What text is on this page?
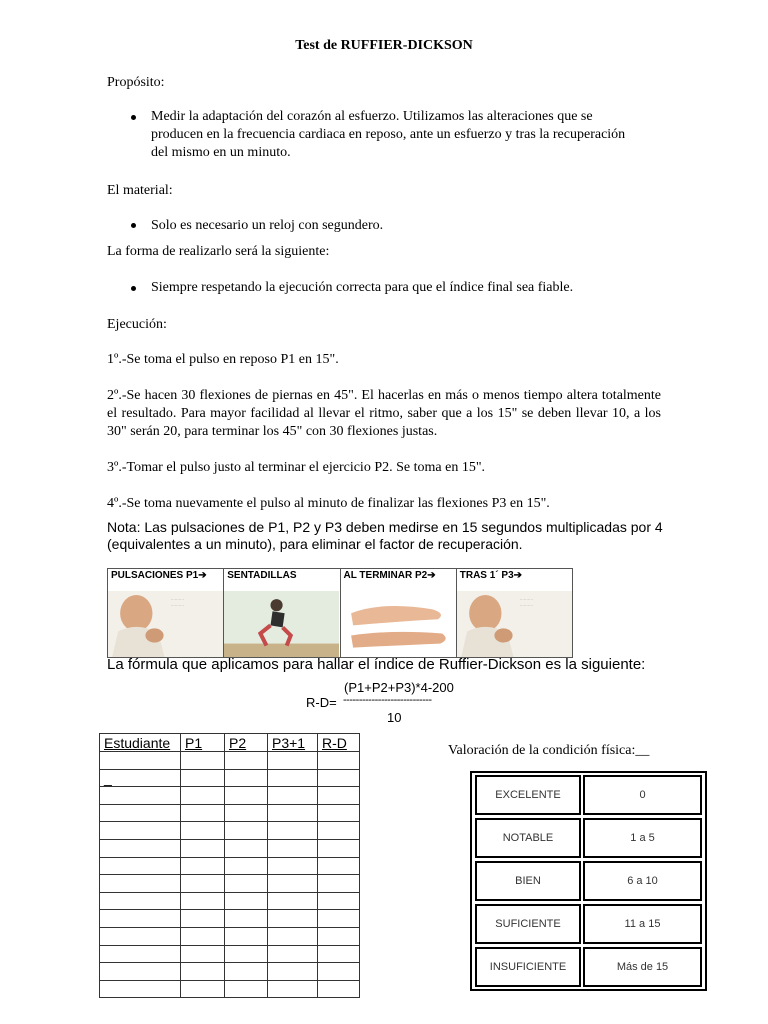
Test de RUFFIER-DICKSON
Propósito:
Medir la adaptación del corazón al esfuerzo. Utilizamos las alteraciones que se producen en la frecuencia cardiaca en reposo, ante un esfuerzo y tras la recuperación del mismo en un minuto.
El material:
Solo es necesario un reloj con segundero.
La forma de realizarlo será la siguiente:
Siempre respetando la ejecución correcta para que el índice final sea fiable.
Ejecución:
1º.-Se toma el pulso en reposo P1 en 15".
2º.-Se hacen 30 flexiones de piernas en 45". El hacerlas en más o menos tiempo altera totalmente el resultado. Para mayor facilidad al llevar el ritmo, saber que a los 15" se deben llevar 10, a los 30" serán 20, para terminar los 45" con 30 flexiones justas.
3º.-Tomar el pulso justo al terminar el ejercicio P2. Se toma en 15".
4º.-Se toma nuevamente el pulso al minuto de finalizar las flexiones P3 en 15".
Nota: Las pulsaciones de P1, P2 y P3 deben medirse en 15 segundos multiplicadas por 4 (equivalentes a un minuto), para eliminar el factor de recuperación.
PULSACIONES P1➔
··········
··········
SENTADILLAS	AL TERMINAR P2➔	TRAS 1´ P3➔
··········
··········
La fórmula que aplicamos para hallar el índice de Ruffier-Dickson es la siguiente:
(P1+P2+P3)*4-200
R-D= ----------------------------
10
Estudiante	P1	P2	P3+1	R-D

_				

Valoración de la condición física:__
EXCELENTE	0
NOTABLE	1 a 5
BIEN	6 a 10
SUFICIENTE	11 a 15
INSUFICIENTE	Más de 15
